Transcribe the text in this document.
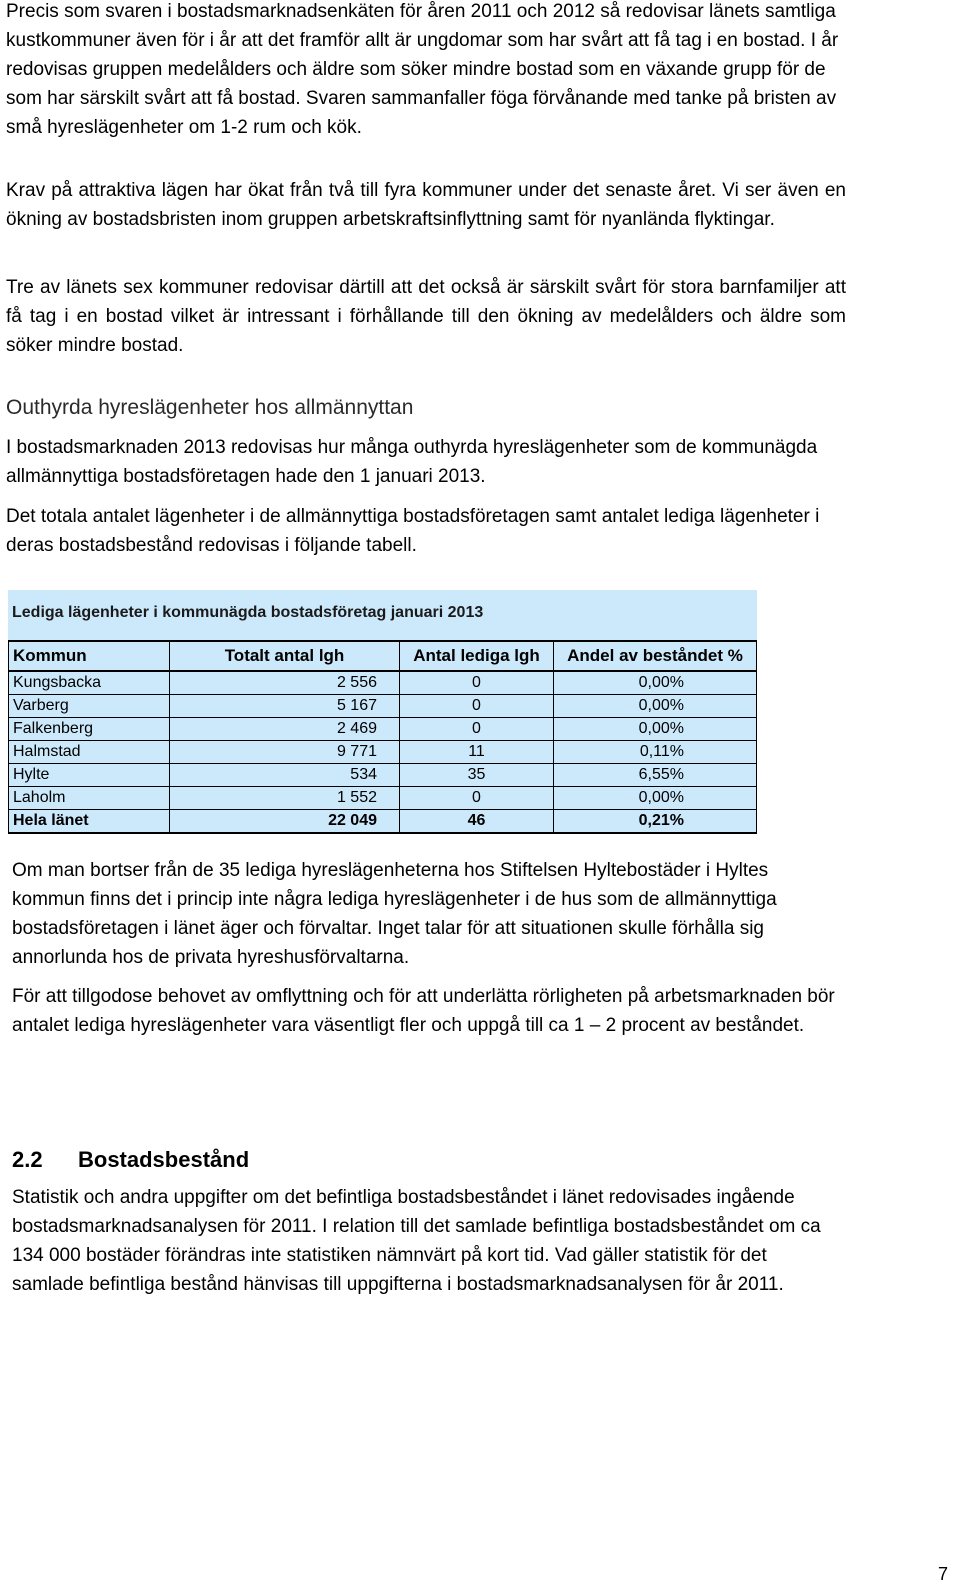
Precis som svaren i bostadsmarknadsenkäten för åren 2011 och 2012 så redovisar länets samtliga kustkommuner även för i år att det framför allt är ungdomar som har svårt att få tag i en bostad. I år redovisas gruppen medelålders och äldre som söker mindre bostad som en växande grupp för de som har särskilt svårt att få bostad. Svaren sammanfaller föga förvånande med tanke på bristen av små hyreslägenheter om 1-2 rum och kök.

Krav på attraktiva lägen har ökat från två till fyra kommuner under det senaste året. Vi ser även en ökning av bostadsbristen inom gruppen arbetskraftsinflyttning samt för nyanlända flyktingar.

Tre av länets sex kommuner redovisar därtill att det också är särskilt svårt för stora barnfamiljer att få tag i en bostad vilket är intressant i förhållande till den ökning av medelålders och äldre som söker mindre bostad.

Outhyrda hyreslägenheter hos allmännyttan

I bostadsmarknaden 2013 redovisas hur många outhyrda hyreslägenheter som de kommunägda allmännyttiga bostadsföretagen hade den 1 januari 2013.

Det totala antalet lägenheter i de allmännyttiga bostadsföretagen samt antalet lediga lägenheter i deras bostadsbestånd redovisas i följande tabell.

Lediga lägenheter i kommunägda bostadsföretag januari 2013
Kommun	Totalt antal lgh	Antal lediga lgh	Andel av beståndet %
Kungsbacka	2 556	0	0,00%
Varberg	5 167	0	0,00%
Falkenberg	2 469	0	0,00%
Halmstad	9 771	11	0,11%
Hylte	534	35	6,55%
Laholm	1 552	0	0,00%
Hela länet	22 049	46	0,21%

Om man bortser från de 35 lediga hyreslägenheterna hos Stiftelsen Hyltebostäder i Hyltes kommun finns det i princip inte några lediga hyreslägenheter i de hus som de allmännyttiga bostadsföretagen i länet äger och förvaltar. Inget talar för att situationen skulle förhålla sig annorlunda hos de privata hyreshusförvaltarna.

För att tillgodose behovet av omflyttning och för att underlätta rörligheten på arbetsmarknaden bör antalet lediga hyreslägenheter vara väsentligt fler och uppgå till ca 1 – 2 procent av beståndet.

2.2 Bostadsbestånd

Statistik och andra uppgifter om det befintliga bostadsbeståndet i länet redovisades ingående bostadsmarknadsanalysen för 2011. I relation till det samlade befintliga bostadsbeståndet om ca 134 000 bostäder förändras inte statistiken nämnvärt på kort tid. Vad gäller statistik för det samlade befintliga bestånd hänvisas till uppgifterna i bostadsmarknadsanalysen för år 2011.

7
